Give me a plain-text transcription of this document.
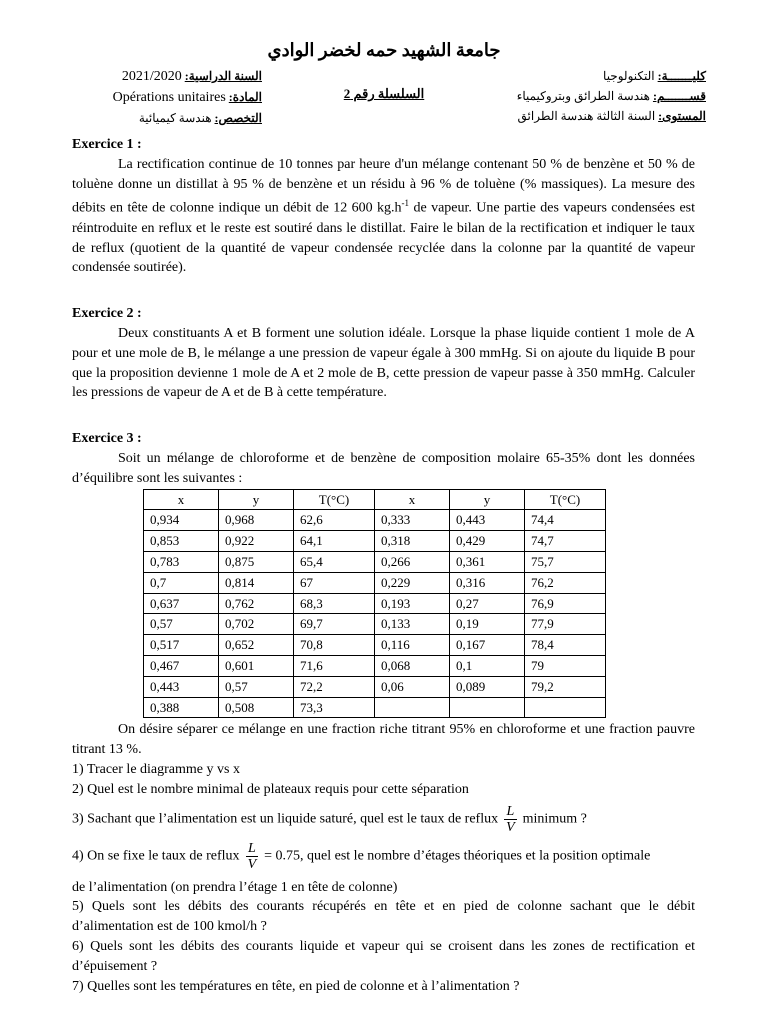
جامعة الشهيد حمه لخضر الوادي
كليـــــــة: التكنولوجيا
قســـــــم: هندسة الطرائق وبتروكيمياء
المستوى: السنة الثالثة هندسة الطرائق
السلسلة رقم 2
السنة الدراسية: 2021/2020
المادة: Opérations unitaires
التخصص: هندسة كيميائية

Exercice 1 :

La rectification continue de 10 tonnes par heure d'un mélange contenant 50 % de benzène et 50 % de toluène donne un distillat à 95 % de benzène et un résidu à 96 % de toluène (% massiques). La mesure des débits en tête de colonne indique un débit de 12 600 $kg.h^{-1}$ de vapeur. Une partie des vapeurs condensées est réintroduite en reflux et le reste est soutiré dans le distillat. Faire le bilan de la rectification et indiquer le taux de reflux (quotient de la quantité de vapeur condensée recyclée dans la colonne par la quantité de vapeur condensée soutirée).

Exercice 2 :

Deux constituants A et B forment une solution idéale. Lorsque la phase liquide contient 1 mole de A pour et une mole de B, le mélange a une pression de vapeur égale à 300 mmHg. Si on ajoute du liquide B pour que la proposition devienne 1 mole de A et 2 mole de B, cette pression de vapeur passe à 350 mmHg. Calculer les pressions de vapeur de A et de B à cette température.

Exercice 3 :

Soit un mélange de chloroforme et de benzène de composition molaire 65-35% dont les données d’équilibre sont les suivantes :

x	y	T(°C)	x	y	T(°C)
0,934	0,968	62,6	0,333	0,443	74,4
0,853	0,922	64,1	0,318	0,429	74,7
0,783	0,875	65,4	0,266	0,361	75,7
0,7	0,814	67	0,229	0,316	76,2
0,637	0,762	68,3	0,193	0,27	76,9
0,57	0,702	69,7	0,133	0,19	77,9
0,517	0,652	70,8	0,116	0,167	78,4
0,467	0,601	71,6	0,068	0,1	79
0,443	0,57	72,2	0,06	0,089	79,2
0,388	0,508	73,3			

On désire séparer ce mélange en une fraction riche titrant 95% en chloroforme et une fraction pauvre titrant 13 %.

1) Tracer le diagramme y vs x

2) Quel est le nombre minimal de plateaux requis pour cette séparation

3) Sachant que l’alimentation est un liquide saturé, quel est le taux de reflux $\frac{L}{V}$ minimum ?

4) On se fixe le taux de reflux $\frac{L}{V} = 0.75$, quel est le nombre d’étages théoriques et la position optimale

de l’alimentation (on prendra l’étage 1 en tête de colonne)

5) Quels sont les débits des courants récupérés en tête et en pied de colonne sachant que le débit d’alimentation est de 100 kmol/h ?

6) Quels sont les débits des courants liquide et vapeur qui se croisent dans les zones de rectification et d’épuisement ?

7) Quelles sont les températures en tête, en pied de colonne et à l’alimentation ?
